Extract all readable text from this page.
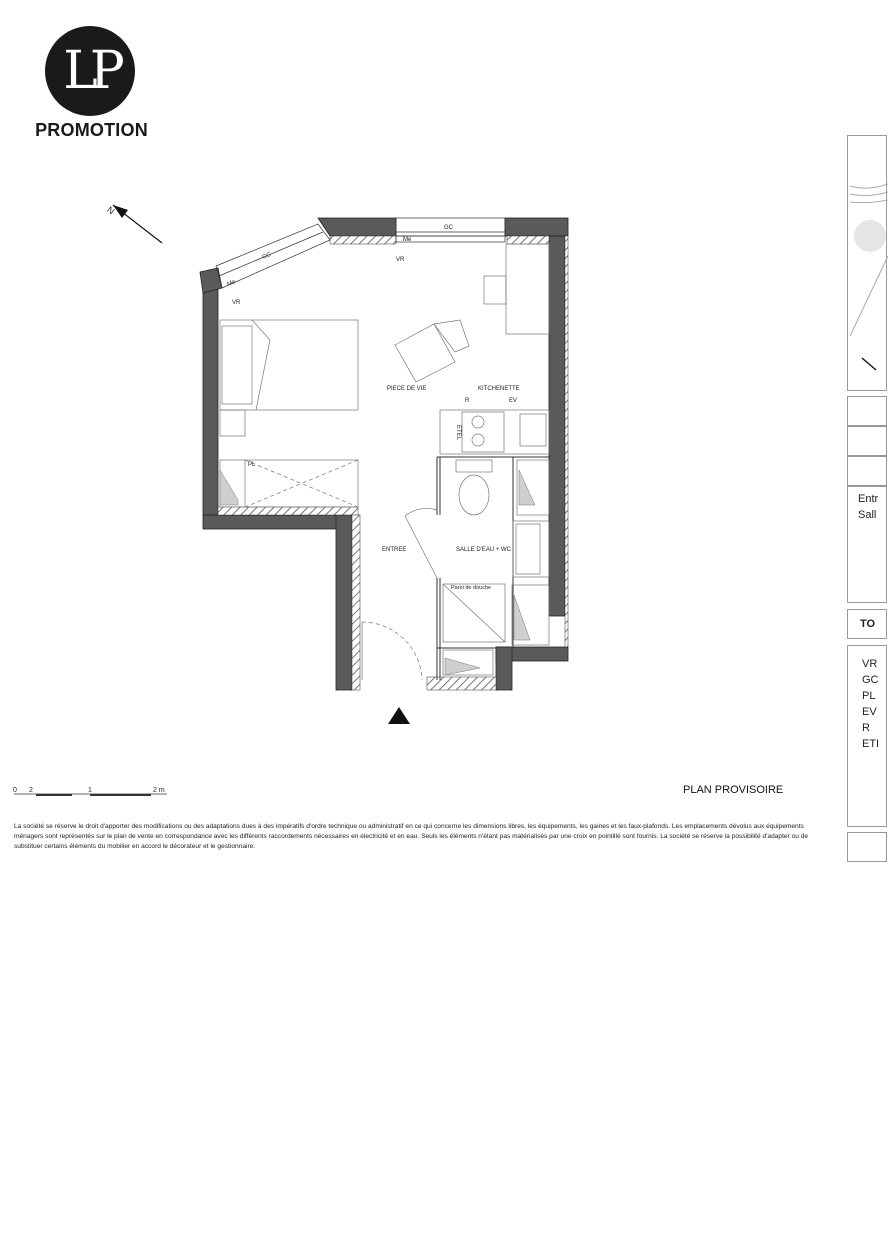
LP
PROMOTION
N
GC
GC
Me
Me
VR
VR
PL
R	EV
ETEL
PIECE DE VIE	KITCHENETTE
ENTREE	SALLE D'EAU + WC
Paroi de douche
0 2	1	2 m	PLAN PROVISOIRE
La société se réserve le droit d'apporter des modifications ou des adaptations dues à des impératifs d'ordre technique ou administratif en ce qui concerne les dimensions libres, les équipements, les gaines et les faux-plafonds. Les emplacements dévolus aux équipements ménagers sont représentés sur le plan de vente en correspondance avec les différents raccordements nécessaires en électricité et en eau. Seuls les éléments n'étant pas matérialisés par une croix en pointillé sont fournis. La société se réserve la possibilité d'adapter ou de substituer certains éléments du mobilier en accord le décorateur et le gestionnaire.
Entr
Sall
TO
VR
GC
PL
EV
R
ETI
